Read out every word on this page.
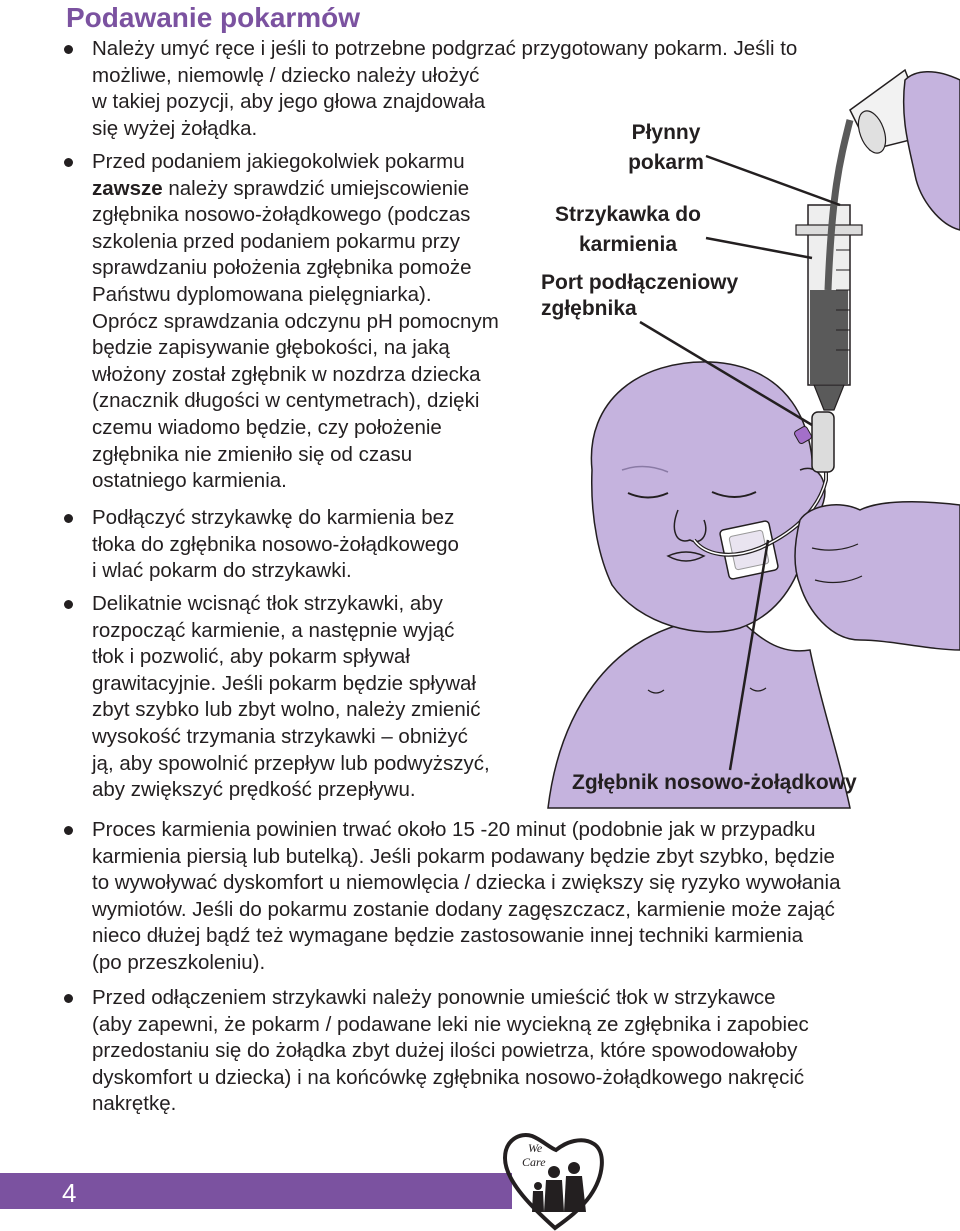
Podawanie pokarmów
Należy umyć ręce i jeśli to potrzebne podgrzać przygotowany pokarm. Jeśli to
możliwe, niemowlę / dziecko należy ułożyć
w takiej pozycji, aby jego głowa znajdowała
się wyżej żołądka.
Przed podaniem jakiegokolwiek pokarmu
zawsze należy sprawdzić umiejscowienie
zgłębnika nosowo-żołądkowego (podczas
szkolenia przed podaniem pokarmu przy
sprawdzaniu położenia zgłębnika pomoże
Państwu dyplomowana pielęgniarka).
Oprócz sprawdzania odczynu pH pomocnym
będzie zapisywanie głębokości, na jaką
włożony został zgłębnik w nozdrza dziecka
(znacznik długości w centymetrach), dzięki
czemu wiadomo będzie, czy położenie
zgłębnika nie zmieniło się od czasu
ostatniego karmienia.
Podłączyć strzykawkę do karmienia bez
tłoka do zgłębnika nosowo-żołądkowego
i wlać pokarm do strzykawki.
Delikatnie wcisnąć tłok strzykawki, aby
rozpocząć karmienie, a następnie wyjąć
tłok i pozwolić, aby pokarm spływał
grawitacyjnie. Jeśli pokarm będzie spływał
zbyt szybko lub zbyt wolno, należy zmienić
wysokość trzymania strzykawki – obniżyć
ją, aby spowolnić przepływ lub podwyższyć,
aby zwiększyć prędkość przepływu.
Proces karmienia powinien trwać około 15 -20 minut (podobnie jak w przypadku
karmienia piersią lub butelką). Jeśli pokarm podawany będzie zbyt szybko, będzie
to wywoływać dyskomfort u niemowlęcia / dziecka i zwiększy się ryzyko wywołania
wymiotów. Jeśli do pokarmu zostanie dodany zagęszczacz, karmienie może zająć
nieco dłużej bądź też wymagane będzie zastosowanie innej techniki karmienia
(po przeszkoleniu).
Przed odłączeniem strzykawki należy ponownie umieścić tłok w strzykawce
(aby zapewni, że pokarm / podawane leki nie wyciekną ze zgłębnika i zapobiec
przedostaniu się do żołądka zbyt dużej ilości powietrza, które spowodowałoby
dyskomfort u dziecka) i na końcówkę zgłębnika nosowo-żołądkowego nakręcić
nakrętkę.
Płynny
pokarm
Strzykawka do
karmienia
Port podłączeniowy
zgłębnika
Zgłębnik nosowo-żołądkowy
4
We
Care
